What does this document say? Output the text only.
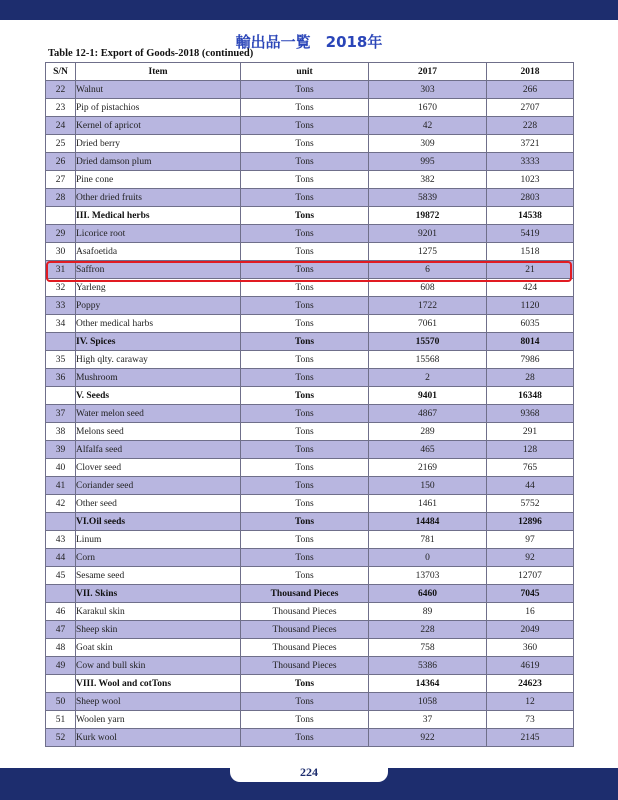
輸出品一覧　2018年
Table 12-1: Export of Goods-2018 (continued)
S/N	Item	unit	2017	2018
22	Walnut	Tons	303	266
23	Pip of pistachios	Tons	1670	2707
24	Kernel of apricot	Tons	42	228
25	Dried berry	Tons	309	3721
26	Dried damson plum	Tons	995	3333
27	Pine cone	Tons	382	1023
28	Other dried fruits	Tons	5839	2803
	III. Medical herbs	Tons	19872	14538
29	Licorice root	Tons	9201	5419
30	Asafoetida	Tons	1275	1518
31	Saffron	Tons	6	21
32	Yarleng	Tons	608	424
33	Poppy	Tons	1722	1120
34	Other medical harbs	Tons	7061	6035
	IV. Spices	Tons	15570	8014
35	High qlty. caraway	Tons	15568	7986
36	Mushroom	Tons	2	28
	V. Seeds	Tons	9401	16348
37	Water melon seed	Tons	4867	9368
38	Melons seed	Tons	289	291
39	Alfalfa seed	Tons	465	128
40	Clover seed	Tons	2169	765
41	Coriander seed	Tons	150	44
42	Other seed	Tons	1461	5752
	VI.Oil seeds	Tons	14484	12896
43	Linum	Tons	781	97
44	Corn	Tons	0	92
45	Sesame seed	Tons	13703	12707
	VII. Skins	Thousand Pieces	6460	7045
46	Karakul skin	Thousand Pieces	89	16
47	Sheep skin	Thousand Pieces	228	2049
48	Goat skin	Thousand Pieces	758	360
49	Cow and bull skin	Thousand Pieces	5386	4619
	VIII. Wool and cotTons	Tons	14364	24623
50	Sheep wool	Tons	1058	12
51	Woolen yarn	Tons	37	73
52	Kurk wool	Tons	922	2145
224
